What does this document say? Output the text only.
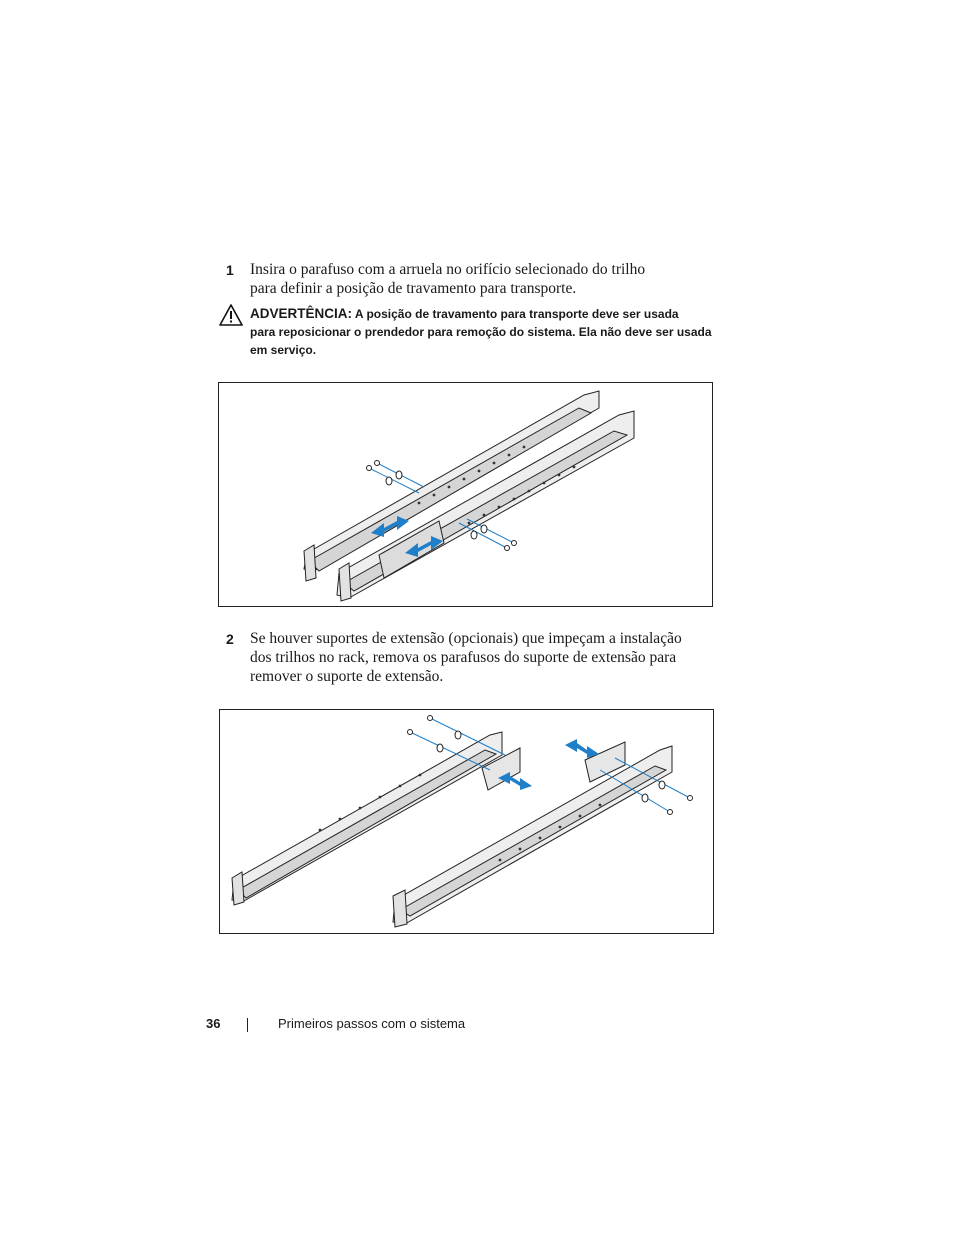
1 Insira o parafuso com a arruela no orifício selecionado do trilho
para definir a posição de travamento para transporte.
ADVERTÊNCIA: A posição de travamento para transporte deve ser usada
para reposicionar o prendedor para remoção do sistema. Ela não deve ser usada
em serviço.
2 Se houver suportes de extensão (opcionais) que impeçam a instalação
dos trilhos no rack, remova os parafusos do suporte de extensão para
remover o suporte de extensão.
36	Primeiros passos com o sistema
